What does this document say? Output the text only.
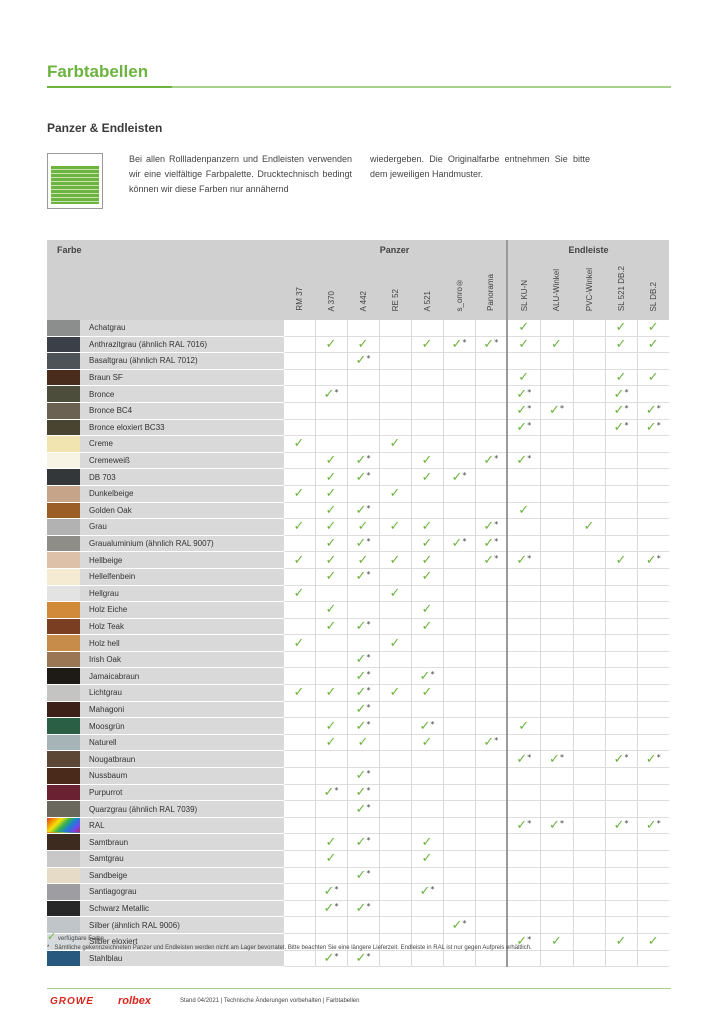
Farbtabellen
Panzer & Endleisten
Bei allen Rollladenpanzern und Endleisten verwenden wir eine vielfältige Farbpalette. Drucktechnisch bedingt können wir diese Farben nur annähernd
wiedergeben. Die Originalfarbe entnehmen Sie bitte dem jeweiligen Handmuster.
Farbe		Panzer							Endleiste				
		RM 37	A 370	A 442	RE 52	A 521	s_onro®	Panorama	SL KU-N	ALU-Winkel	PVC-Winkel	SL 521 DB.2	SL DB.2
	Achatgrau								✓			✓	✓
	Anthrazitgrau (ähnlich RAL 7016)		✓	✓		✓	✓*	✓*	✓	✓		✓	✓
	Basaltgrau (ähnlich RAL 7012)			✓*									
	Braun SF								✓			✓	✓
	Bronce		✓*						✓*			✓*	
	Bronce BC4								✓*	✓*		✓*	✓*
	Bronce eloxiert BC33								✓*			✓*	✓*
	Creme	✓			✓								
	Cremeweiß		✓	✓*		✓		✓*	✓*				
	DB 703		✓	✓*		✓	✓*						
	Dunkelbeige	✓	✓		✓								
	Golden Oak		✓	✓*					✓				
	Grau	✓	✓	✓	✓	✓		✓*			✓		
	Graualuminium (ähnlich RAL 9007)		✓	✓*		✓	✓*	✓*					
	Hellbeige	✓	✓	✓	✓	✓		✓*	✓*			✓	✓*
	Hellelfenbein		✓	✓*		✓							
	Hellgrau	✓			✓								
	Holz Eiche		✓			✓							
	Holz Teak		✓	✓*		✓							
	Holz hell	✓			✓								
	Irish Oak			✓*									
	Jamaicabraun			✓*		✓*							
	Lichtgrau	✓	✓	✓*	✓	✓							
	Mahagoni			✓*									
	Moosgrün		✓	✓*		✓*			✓				
	Naturell		✓	✓		✓		✓*					
	Nougatbraun								✓*	✓*		✓*	✓*
	Nussbaum			✓*									
	Purpurrot		✓*	✓*									
	Quarzgrau (ähnlich RAL 7039)			✓*									
	RAL								✓*	✓*		✓*	✓*
	Samtbraun		✓	✓*		✓							
	Samtgrau		✓			✓							
	Sandbeige			✓*									
	Santiagograu		✓*			✓*							
	Schwarz Metallic		✓*	✓*									
	Silber (ähnlich RAL 9006)						✓*						
	Silber eloxiert								✓*	✓		✓	✓
	Stahlblau		✓*	✓*									
✓ verfügbare Farbe
* Sämtliche gekennzeichneten Panzer und Endleisten werden nicht am Lager bevorratet. Bitte beachten Sie eine längere Lieferzeit. Endleiste in RAL ist nur gegen Aufpreis erhältlich.
GROWE rolbex	Stand 04/2021 | Technische Änderungen vorbehalten | Farbtabellen
